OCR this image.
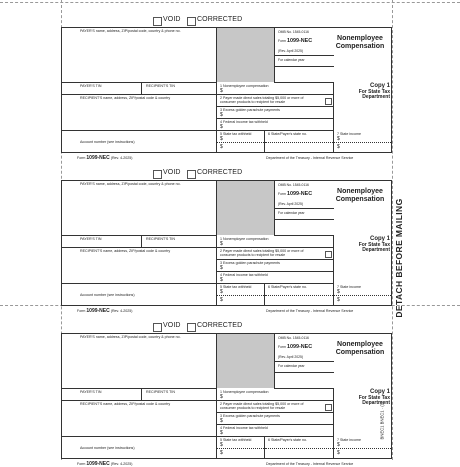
DETACH BEFORE MAILING
BNEC1 BNEC1 · (1)
VOID CORRECTED
PAYER'S name, address, ZIP/postal code, country & phone no.	OMB No. 1545-0116
Form 1099-NEC
(Rev. April 2025)
For calendar year
Nonemployee Compensation
PAYER'S TIN	RECIPIENT'S TIN
RECIPIENT'S name, address, ZIP/postal code & country
Account number (see instructions)
1 Nonemployee compensation
$
2 Payer made direct sales totaling $5,000 or more of consumer products to recipient for resale
3 Excess golden parachute payments
$
4 Federal income tax withheld
$
5 State tax withheld
$
$
6 State/Payer's state no.	7 State income
$
$
Copy 1
For State Tax Department
Form 1099-NEC (Rev. 4-2025)	Department of the Treasury - Internal Revenue Service
VOID CORRECTED
PAYER'S name, address, ZIP/postal code, country & phone no.	OMB No. 1545-0116
Form 1099-NEC
(Rev. April 2025)
For calendar year
Nonemployee Compensation
PAYER'S TIN	RECIPIENT'S TIN
RECIPIENT'S name, address, ZIP/postal code & country
Account number (see instructions)
1 Nonemployee compensation
$
2 Payer made direct sales totaling $5,000 or more of consumer products to recipient for resale
3 Excess golden parachute payments
$
4 Federal income tax withheld
$
5 State tax withheld
$
$
6 State/Payer's state no.	7 State income
$
$
Copy 1
For State Tax Department
Form 1099-NEC (Rev. 4-2025)	Department of the Treasury - Internal Revenue Service
VOID CORRECTED
PAYER'S name, address, ZIP/postal code, country & phone no.	OMB No. 1545-0116
Form 1099-NEC
(Rev. April 2025)
For calendar year
Nonemployee Compensation
PAYER'S TIN	RECIPIENT'S TIN
RECIPIENT'S name, address, ZIP/postal code & country
Account number (see instructions)
1 Nonemployee compensation
$
2 Payer made direct sales totaling $5,000 or more of consumer products to recipient for resale
3 Excess golden parachute payments
$
4 Federal income tax withheld
$
5 State tax withheld
$
$
6 State/Payer's state no.	7 State income
$
$
Copy 1
For State Tax Department
Form 1099-NEC (Rev. 4-2025)	Department of the Treasury - Internal Revenue Service
